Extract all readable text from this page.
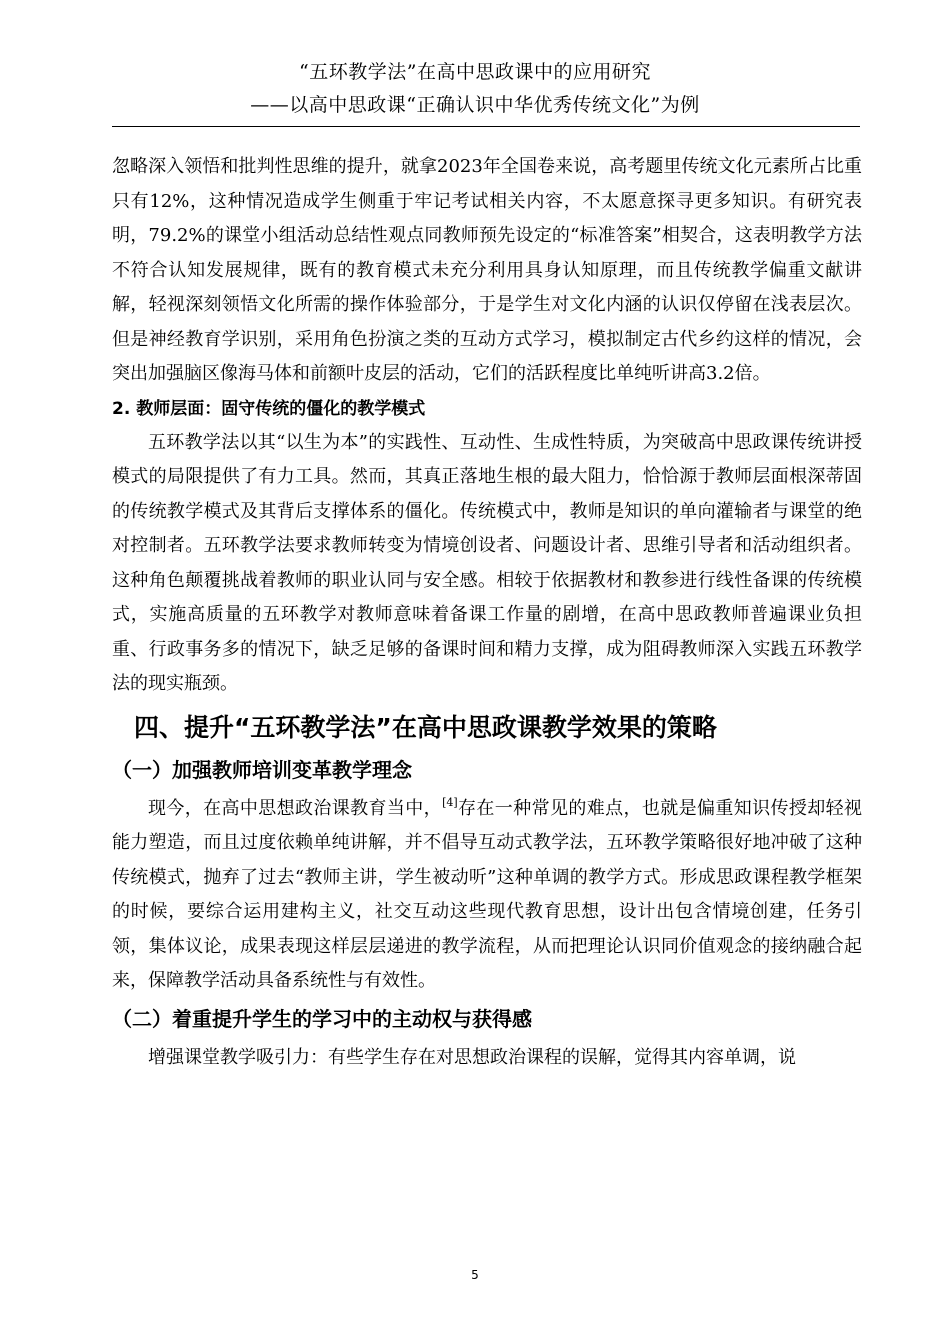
“五环教学法”在高中思政课中的应用研究
——以高中思政课“正确认识中华优秀传统文化”为例

忽略深入领悟和批判性思维的提升，就拿2023年全国卷来说，高考题里传统文化元素所占比重只有12%，这种情况造成学生侧重于牢记考试相关内容，不太愿意探寻更多知识。有研究表明，79.2%的课堂小组活动总结性观点同教师预先设定的“标准答案”相契合，这表明教学方法不符合认知发展规律，既有的教育模式未充分利用具身认知原理，而且传统教学偏重文献讲解，轻视深刻领悟文化所需的操作体验部分，于是学生对文化内涵的认识仅停留在浅表层次。但是神经教育学识别，采用角色扮演之类的互动方式学习，模拟制定古代乡约这样的情况，会突出加强脑区像海马体和前额叶皮层的活动，它们的活跃程度比单纯听讲高3.2倍。

2. 教师层面：固守传统的僵化的教学模式

五环教学法以其“以生为本”的实践性、互动性、生成性特质，为突破高中思政课传统讲授模式的局限提供了有力工具。然而，其真正落地生根的最大阻力，恰恰源于教师层面根深蒂固的传统教学模式及其背后支撑体系的僵化。传统模式中，教师是知识的单向灌输者与课堂的绝对控制者。五环教学法要求教师转变为情境创设者、问题设计者、思维引导者和活动组织者。这种角色颠覆挑战着教师的职业认同与安全感。相较于依据教材和教参进行线性备课的传统模式，实施高质量的五环教学对教师意味着备课工作量的剧增，在高中思政教师普遍课业负担重、行政事务多的情况下，缺乏足够的备课时间和精力支撑，成为阻碍教师深入实践五环教学法的现实瓶颈。

四、提升“五环教学法”在高中思政课教学效果的策略
（一）加强教师培训变革教学理念

现今，在高中思想政治课教育当中，[4]存在一种常见的难点，也就是偏重知识传授却轻视能力塑造，而且过度依赖单纯讲解，并不倡导互动式教学法，五环教学策略很好地冲破了这种传统模式，抛弃了过去“教师主讲，学生被动听”这种单调的教学方式。形成思政课程教学框架的时候，要综合运用建构主义，社交互动这些现代教育思想，设计出包含情境创建，任务引领，集体议论，成果表现这样层层递进的教学流程，从而把理论认识同价值观念的接纳融合起来，保障教学活动具备系统性与有效性。

（二）着重提升学生的学习中的主动权与获得感

增强课堂教学吸引力：有些学生存在对思想政治课程的误解，觉得其内容单调，说

5
